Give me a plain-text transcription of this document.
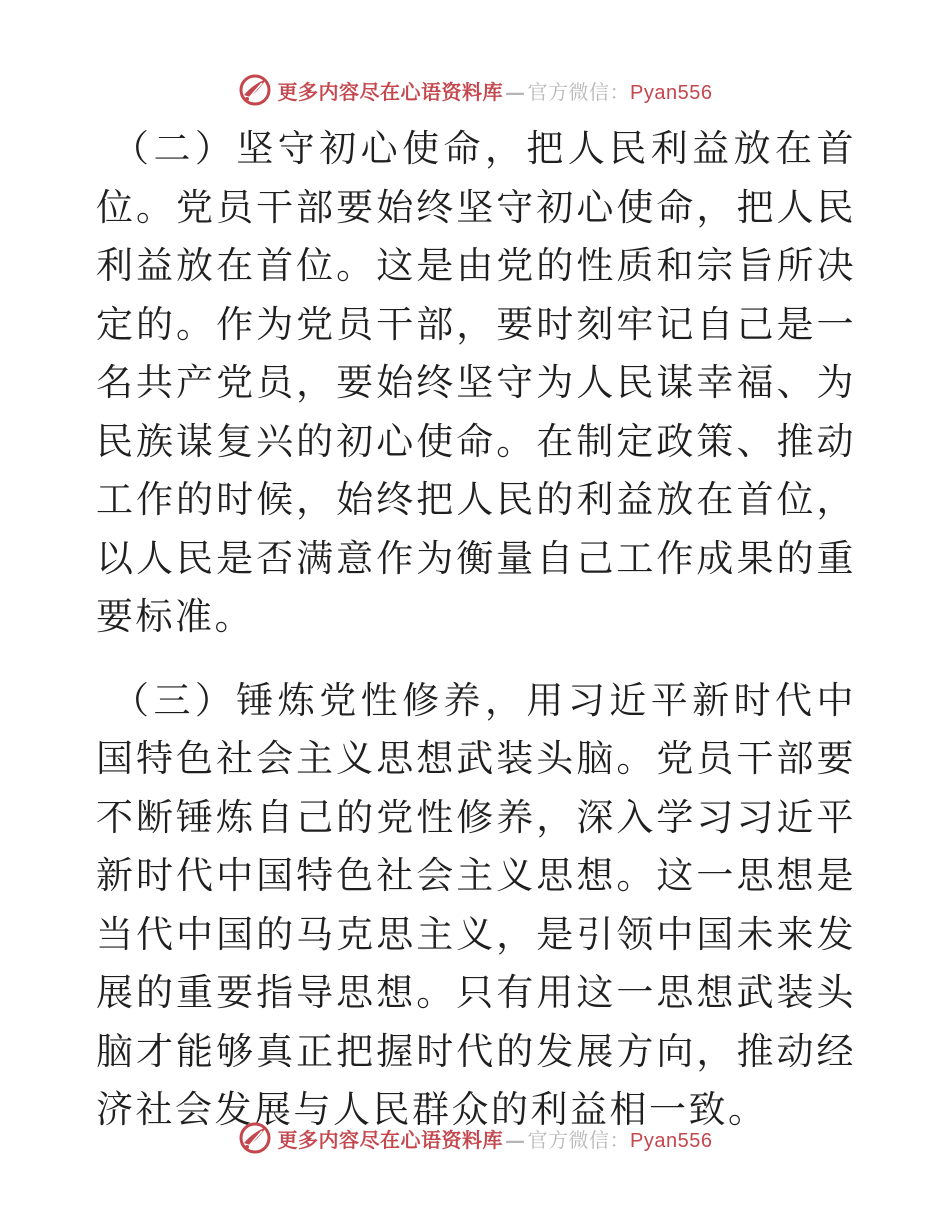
更多内容尽在心语资料库 — 官方微信：Pyan556

（二）坚守初心使命，把人民利益放在首位。党员干部要始终坚守初心使命，把人民利益放在首位。这是由党的性质和宗旨所决定的。作为党员干部，要时刻牢记自己是一名共产党员，要始终坚守为人民谋幸福、为民族谋复兴的初心使命。在制定政策、推动工作的时候，始终把人民的利益放在首位，以人民是否满意作为衡量自己工作成果的重要标准。

（三）锤炼党性修养，用习近平新时代中国特色社会主义思想武装头脑。党员干部要不断锤炼自己的党性修养，深入学习习近平新时代中国特色社会主义思想。这一思想是当代中国的马克思主义，是引领中国未来发展的重要指导思想。只有用这一思想武装头脑才能够真正把握时代的发展方向，推动经济社会发展与人民群众的利益相一致。

更多内容尽在心语资料库 — 官方微信：Pyan556
